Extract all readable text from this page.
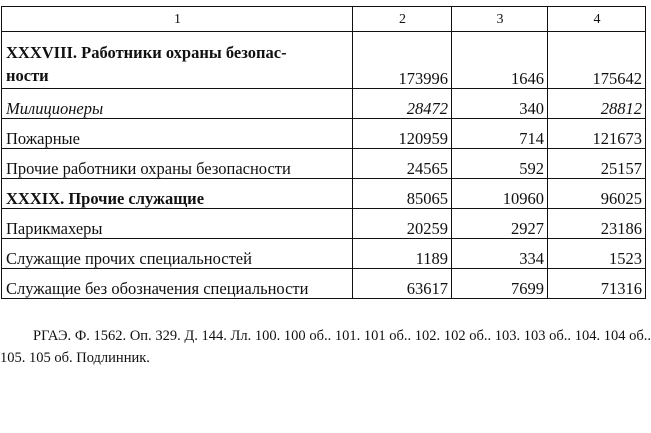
1	2	3	4

XXXVIII. Работники охраны безопас-
ности	173996	1646	175642
Милиционеры	28472	340	28812
Пожарные	120959	714	121673
Прочие работники охраны безопасности	24565	592	25157
XXXIX. Прочие служащие	85065	10960	96025
Парикмахеры	20259	2927	23186
Служащие прочих специальностей	1189	334	1523
Служащие без обозначения специальности	63617	7699	71316
РГАЭ. Ф. 1562. Оп. 329. Д. 144. Лл. 100. 100 об.. 101. 101 об.. 102. 102 об.. 103. 103 об.. 104. 104 об.. 105. 105 об. Подлинник.
